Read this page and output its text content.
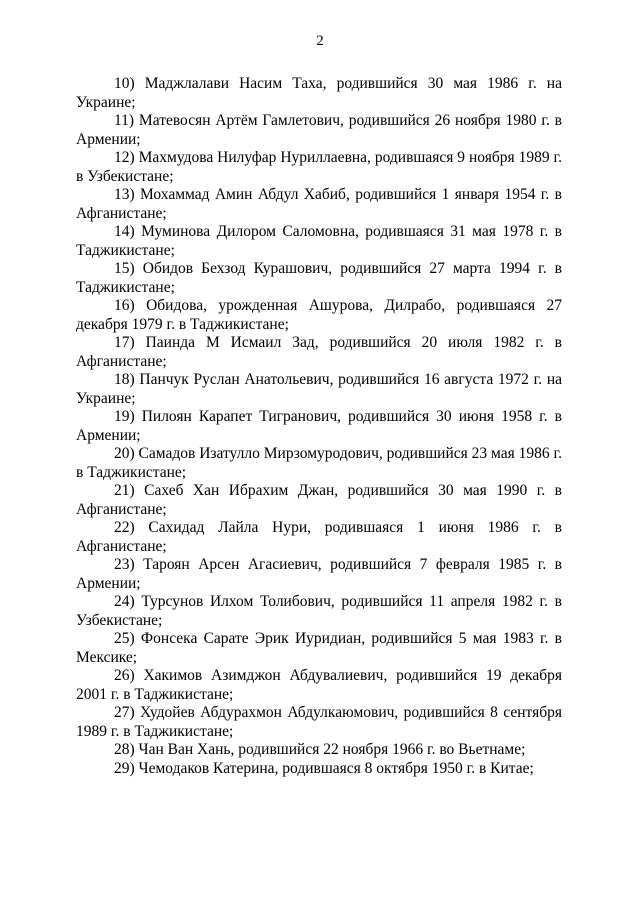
2

10) Маджлалави Насим Таха, родившийся 30 мая 1986 г. на Украине;

11) Матевосян Артём Гамлетович, родившийся 26 ноября 1980 г. в Армении;

12) Махмудова Нилуфар Нуриллаевна, родившаяся 9 ноября 1989 г. в Узбекистане;

13) Мохаммад Амин Абдул Хабиб, родившийся 1 января 1954 г. в Афганистане;

14) Муминова Дилором Саломовна, родившаяся 31 мая 1978 г. в Таджикистане;

15) Обидов Бехзод Курашович, родившийся 27 марта 1994 г. в Таджикистане;

16) Обидова, урожденная Ашурова, Дилрабо, родившаяся 27 декабря 1979 г. в Таджикистане;

17) Паинда М Исмаил Зад, родившийся 20 июля 1982 г. в Афганистане;

18) Панчук Руслан Анатольевич, родившийся 16 августа 1972 г. на Украине;

19) Пилоян Карапет Тигранович, родившийся 30 июня 1958 г. в Армении;

20) Самадов Изатулло Мирзомуродович, родившийся 23 мая 1986 г. в Таджикистане;

21) Сахеб Хан Ибрахим Джан, родившийся 30 мая 1990 г. в Афганистане;

22) Сахидад Лайла Нури, родившаяся 1 июня 1986 г. в Афганистане;

23) Тароян Арсен Агасиевич, родившийся 7 февраля 1985 г. в Армении;

24) Турсунов Илхом Толибович, родившийся 11 апреля 1982 г. в Узбекистане;

25) Фонсека Сарате Эрик Иуридиан, родившийся 5 мая 1983 г. в Мексике;

26) Хакимов Азимджон Абдувалиевич, родившийся 19 декабря 2001 г. в Таджикистане;

27) Худойев Абдурахмон Абдулкаюмович, родившийся 8 сентября 1989 г. в Таджикистане;

28) Чан Ван Хань, родившийся 22 ноября 1966 г. во Вьетнаме;

29) Чемодаков Катерина, родившаяся 8 октября 1950 г. в Китае;
